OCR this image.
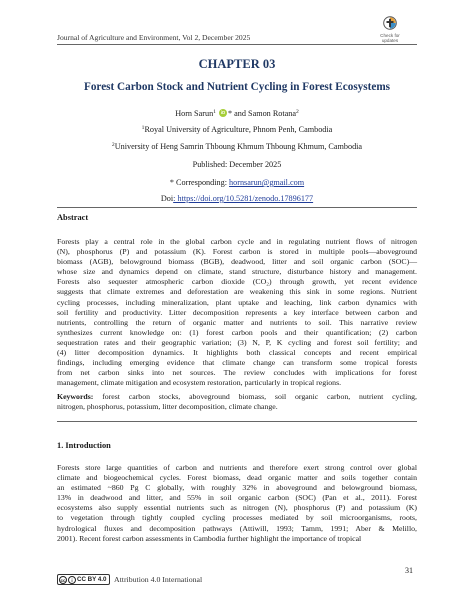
Journal of Agriculture and Environment, Vol 2, December 2025	Check for
updates
CHAPTER 03
Forest Carbon Stock and Nutrient Cycling in Forest Ecosystems
Horn Sarun$^1$ iD * and Samon Rotana$^2$
$^1$Royal University of Agriculture, Phnom Penh, Cambodia
$^2$University of Heng Samrin Thboung Khmum Thboung Khmum, Cambodia
Published: December 2025
* Corresponding: hornsarun@gmail.com
Doi: https://doi.org/10.5281/zenodo.17896177
Abstract
Forests play a central role in the global carbon cycle and in regulating nutrient flows of nitrogen
(N), phosphorus (P) and potassium (K). Forest carbon is stored in multiple pools—aboveground
biomass (AGB), belowground biomass (BGB), deadwood, litter and soil organic carbon (SOC)—
whose size and dynamics depend on climate, stand structure, disturbance history and management.
Forests also sequester atmospheric carbon dioxide (CO₂) through growth, yet recent evidence
suggests that climate extremes and deforestation are weakening this sink in some regions. Nutrient
cycling processes, including mineralization, plant uptake and leaching, link carbon dynamics with
soil fertility and productivity. Litter decomposition represents a key interface between carbon and
nutrients, controlling the return of organic matter and nutrients to soil. This narrative review
synthesizes current knowledge on: (1) forest carbon pools and their quantification; (2) carbon
sequestration rates and their geographic variation; (3) N, P, K cycling and forest soil fertility; and
(4) litter decomposition dynamics. It highlights both classical concepts and recent empirical
findings, including emerging evidence that climate change can transform some tropical forests
from net carbon sinks into net sources. The review concludes with implications for forest
management, climate mitigation and ecosystem restoration, particularly in tropical regions.
Keywords: forest carbon stocks, aboveground biomass, soil organic carbon, nutrient cycling,
nitrogen, phosphorus, potassium, litter decomposition, climate change.
1. Introduction
Forests store large quantities of carbon and nutrients and therefore exert strong control over global
climate and biogeochemical cycles. Forest biomass, dead organic matter and soils together contain
an estimated ~860 Pg C globally, with roughly 32% in aboveground and belowground biomass,
13% in deadwood and litter, and 55% in soil organic carbon (SOC) (Pan et al., 2011). Forest
ecosystems also supply essential nutrients such as nitrogen (N), phosphorus (P) and potassium (K)
to vegetation through tightly coupled cycling processes mediated by soil microorganisms, roots,
hydrological fluxes and decomposition pathways (Attiwill, 1993; Tamm, 1991; Aber & Melillo,
2001). Recent forest carbon assessments in Cambodia further highlight the importance of tropical
31
cc	i CC BY 4.0 Attribution 4.0 International
